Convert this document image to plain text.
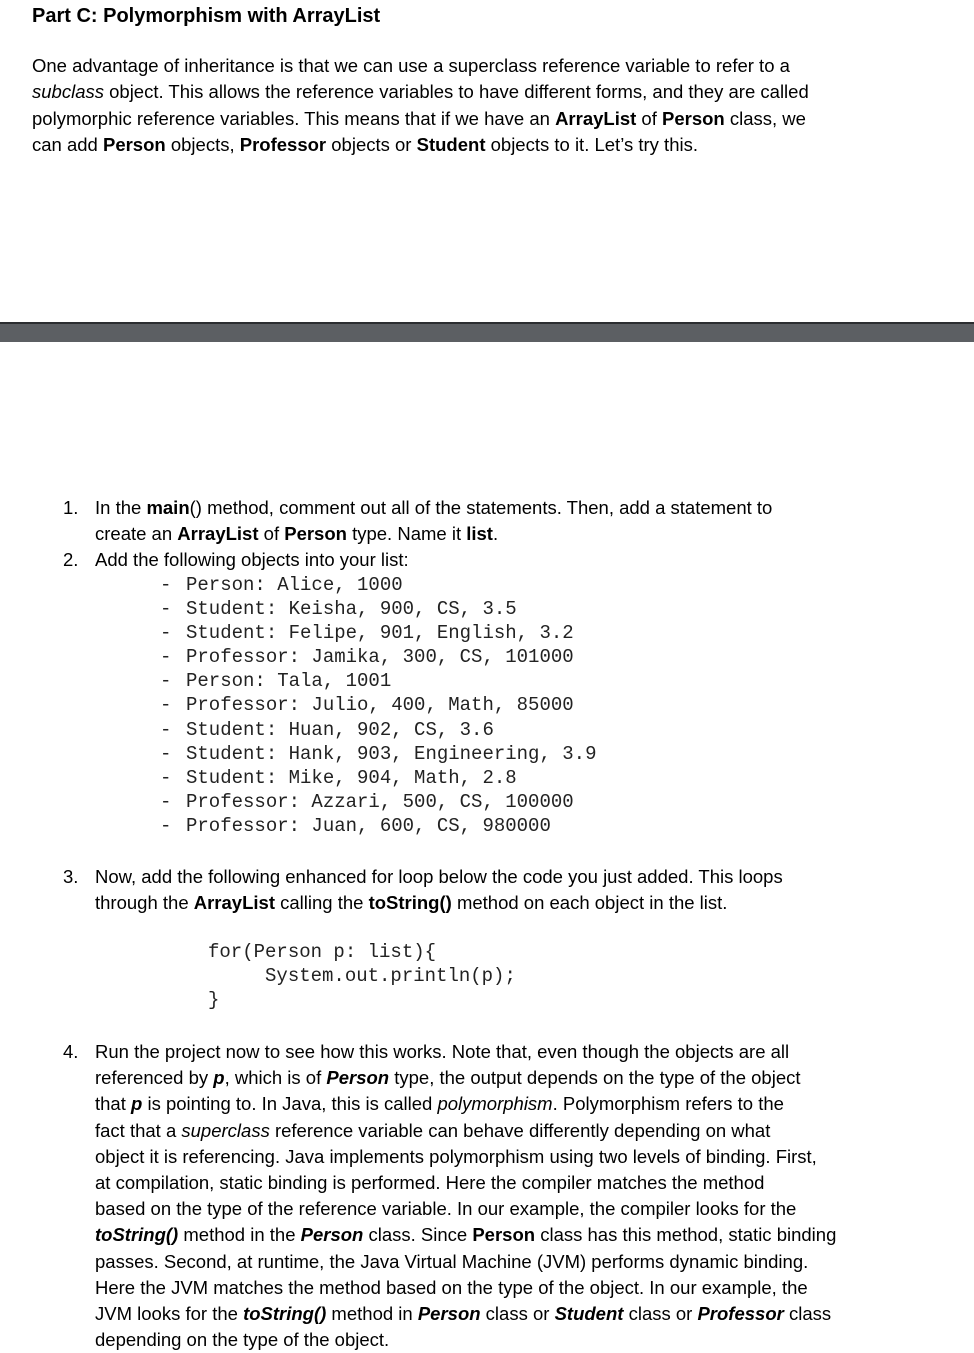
Part C: Polymorphism with ArrayList
One advantage of inheritance is that we can use a superclass reference variable to refer to a
subclass object. This allows the reference variables to have different forms, and they are called
polymorphic reference variables. This means that if we have an ArrayList of Person class, we
can add Person objects, Professor objects or Student objects to it. Let’s try this.
1. In the main() method, comment out all of the statements. Then, add a statement to
create an ArrayList of Person type. Name it list.
2. Add the following objects into your list:
- Person: Alice, 1000
- Student: Keisha, 900, CS, 3.5
- Student: Felipe, 901, English, 3.2
- Professor: Jamika, 300, CS, 101000
- Person: Tala, 1001
- Professor: Julio, 400, Math, 85000
- Student: Huan, 902, CS, 3.6
- Student: Hank, 903, Engineering, 3.9
- Student: Mike, 904, Math, 2.8
- Professor: Azzari, 500, CS, 100000
- Professor: Juan, 600, CS, 980000
3. Now, add the following enhanced for loop below the code you just added. This loops
through the ArrayList calling the toString() method on each object in the list.
for(Person p: list){
System.out.println(p);
}
4. Run the project now to see how this works. Note that, even though the objects are all
referenced by p, which is of Person type, the output depends on the type of the object
that p is pointing to. In Java, this is called polymorphism. Polymorphism refers to the
fact that a superclass reference variable can behave differently depending on what
object it is referencing. Java implements polymorphism using two levels of binding. First,
at compilation, static binding is performed. Here the compiler matches the method
based on the type of the reference variable. In our example, the compiler looks for the
toString() method in the Person class. Since Person class has this method, static binding
passes. Second, at runtime, the Java Virtual Machine (JVM) performs dynamic binding.
Here the JVM matches the method based on the type of the object. In our example, the
JVM looks for the toString() method in Person class or Student class or Professor class
depending on the type of the object.
